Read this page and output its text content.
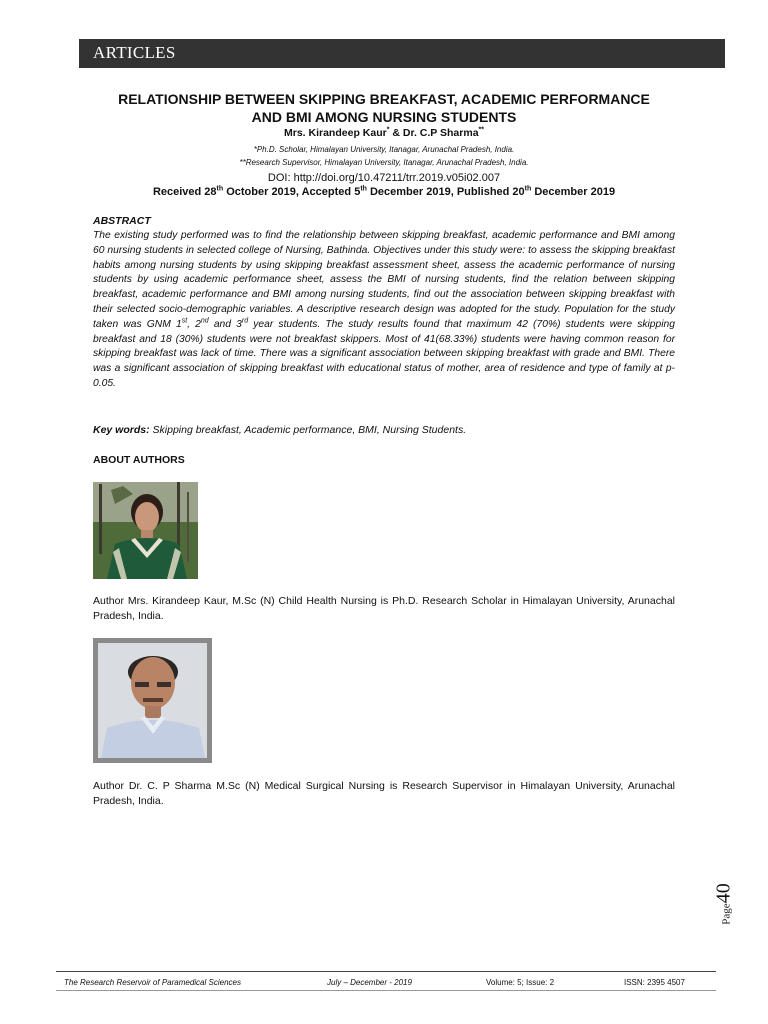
ARTICLES
RELATIONSHIP BETWEEN SKIPPING BREAKFAST, ACADEMIC PERFORMANCE
AND BMI AMONG NURSING STUDENTS
Mrs. Kirandeep Kaur* & Dr. C.P Sharma**
*Ph.D. Scholar, Himalayan University, Itanagar, Arunachal Pradesh, India.
**Research Supervisor, Himalayan University, Itanagar, Arunachal Pradesh, India.
DOI: http://doi.org/10.47211/trr.2019.v05i02.007
Received 28th October 2019, Accepted 5th December 2019, Published 20th December 2019
ABSTRACT
The existing study performed was to find the relationship between skipping breakfast, academic performance and BMI among 60 nursing students in selected college of Nursing, Bathinda. Objectives under this study were: to assess the skipping breakfast habits among nursing students by using skipping breakfast assessment sheet, assess the academic performance of nursing students by using academic performance sheet, assess the BMI of nursing students, find the relation between skipping breakfast, academic performance and BMI among nursing students, find out the association between skipping breakfast with their selected socio-demographic variables. A descriptive research design was adopted for the study. Population for the study taken was GNM 1st, 2nd and 3rd year students. The study results found that maximum 42 (70%) students were skipping breakfast and 18 (30%) students were not breakfast skippers. Most of 41(68.33%) students were having common reason for skipping breakfast was lack of time. There was a significant association between skipping breakfast with grade and BMI. There was a significant association of skipping breakfast with educational status of mother, area of residence and type of family at p-0.05.
Key words: Skipping breakfast, Academic performance, BMI, Nursing Students.
ABOUT AUTHORS
Author Mrs. Kirandeep Kaur, M.Sc (N) Child Health Nursing is Ph.D. Research Scholar in Himalayan University, Arunachal Pradesh, India.
Author Dr. C. P Sharma M.Sc (N) Medical Surgical Nursing is Research Supervisor in Himalayan University, Arunachal Pradesh, India.
Page40
The Research Reservoir of Paramedical Sciences	July – December - 2019	Volume: 5; Issue: 2	ISSN: 2395 4507
